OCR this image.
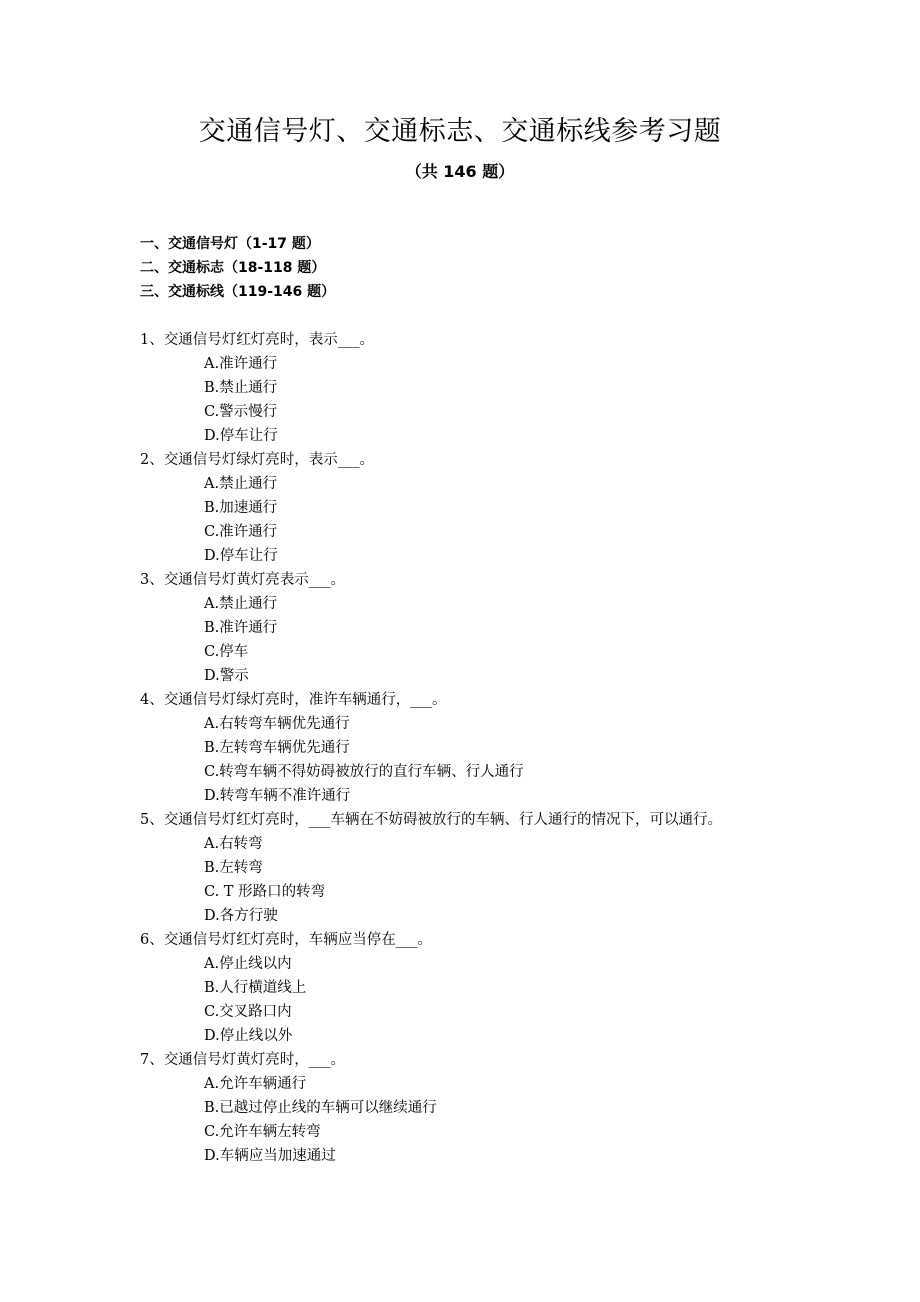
交通信号灯、交通标志、交通标线参考习题
（共 146 题）
一、交通信号灯（1-17 题）
二、交通标志（18-118 题）
三、交通标线（119-146 题）
1、交通信号灯红灯亮时，表示___。
A.准许通行
B.禁止通行
C.警示慢行
D.停车让行
2、交通信号灯绿灯亮时，表示___。
A.禁止通行
B.加速通行
C.准许通行
D.停车让行
3、交通信号灯黄灯亮表示___。
A.禁止通行
B.准许通行
C.停车
D.警示
4、交通信号灯绿灯亮时，准许车辆通行，___。
A.右转弯车辆优先通行
B.左转弯车辆优先通行
C.转弯车辆不得妨碍被放行的直行车辆、行人通行
D.转弯车辆不准许通行
5、交通信号灯红灯亮时，___车辆在不妨碍被放行的车辆、行人通行的情况下，可以通行。
A.右转弯
B.左转弯
C. T 形路口的转弯
D.各方行驶
6、交通信号灯红灯亮时，车辆应当停在___。
A.停止线以内
B.人行横道线上
C.交叉路口内
D.停止线以外
7、交通信号灯黄灯亮时，___。
A.允许车辆通行
B.已越过停止线的车辆可以继续通行
C.允许车辆左转弯
D.车辆应当加速通过
